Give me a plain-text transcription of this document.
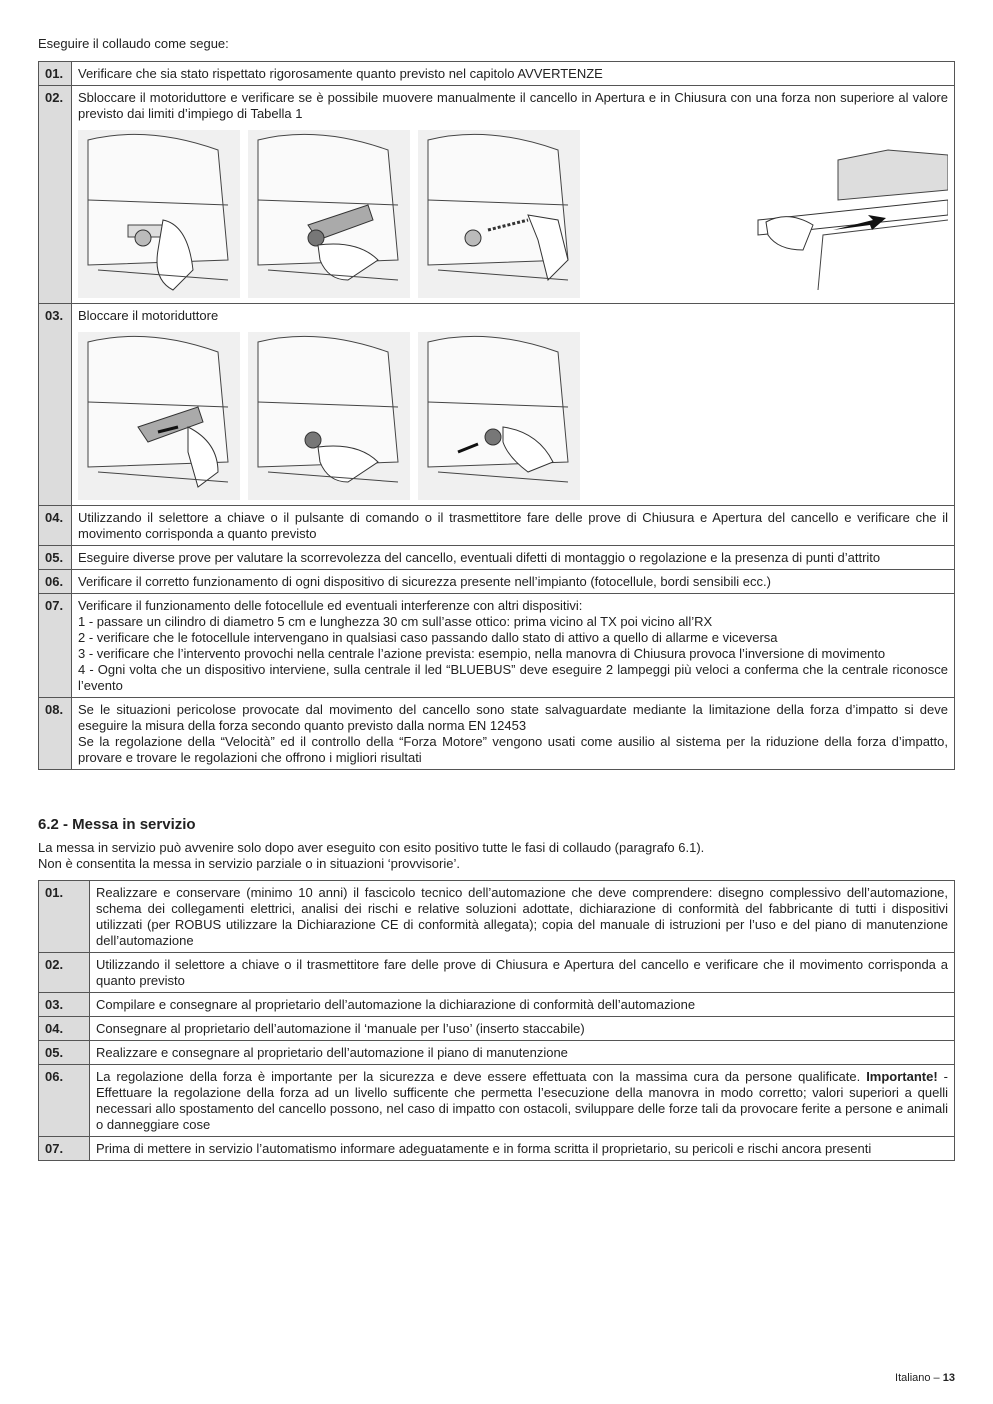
Eseguire il collaudo come segue:
01.	Verificare che sia stato rispettato rigorosamente quanto previsto nel capitolo AVVERTENZE
02.	Sbloccare il motoriduttore e verificare se è possibile muovere manualmente il cancello in Apertura e in Chiusura con una forza non superiore al valore previsto dai limiti d’impiego di Tabella 1

03.	Bloccare il motoriduttore

04.	Utilizzando il selettore a chiave o il pulsante di comando o il trasmettitore fare delle prove di Chiusura e Apertura del cancello e verificare che il movimento corrisponda a quanto previsto
05.	Eseguire diverse prove per valutare la scorrevolezza del cancello, eventuali difetti di montaggio o regolazione e la presenza di punti d’attrito
06.	Verificare il corretto funzionamento di ogni dispositivo di sicurezza presente nell’impianto (fotocellule, bordi sensibili ecc.)
07.	Verificare il funzionamento delle fotocellule ed eventuali interferenze con altri dispositivi:
1 - passare un cilindro di diametro 5 cm e lunghezza 30 cm sull’asse ottico: prima vicino al TX poi vicino all’RX
2 - verificare che le fotocellule intervengano in qualsiasi caso passando dallo stato di attivo a quello di allarme e viceversa
3 - verificare che l’intervento provochi nella centrale l’azione prevista: esempio, nella manovra di Chiusura provoca l’inversione di movimento
4 - Ogni volta che un dispositivo interviene, sulla centrale il led “BLUEBUS” deve eseguire 2 lampeggi più veloci a conferma che la centrale riconosce l’evento

08.	Se le situazioni pericolose provocate dal movimento del cancello sono state salvaguardate mediante la limitazione della forza d’impatto si deve eseguire la misura della forza secondo quanto previsto dalla norma EN 12453
Se la regolazione della “Velocità” ed il controllo della “Forza Motore” vengono usati come ausilio al sistema per la riduzione della forza d’impatto, provare e trovare le regolazioni che offrono i migliori risultati
6.2 - Messa in servizio
La messa in servizio può avvenire solo dopo aver eseguito con esito positivo tutte le fasi di collaudo (paragrafo 6.1).
Non è consentita la messa in servizio parziale o in situazioni ‘provvisorie’.
01.	Realizzare e conservare (minimo 10 anni) il fascicolo tecnico dell’automazione che deve comprendere: disegno complessivo dell’automazione, schema dei collegamenti elettrici, analisi dei rischi e relative soluzioni adottate, dichiarazione di conformità del fabbricante di tutti i dispositivi utilizzati (per ROBUS utilizzare la Dichiarazione CE di conformità allegata); copia del manuale di istruzioni per l’uso e del piano di manutenzione dell’automazione
02.	Utilizzando il selettore a chiave o il trasmettitore fare delle prove di Chiusura e Apertura del cancello e verificare che il movimento corrisponda a quanto previsto
03.	Compilare e consegnare al proprietario dell’automazione la dichiarazione di conformità dell’automazione
04.	Consegnare al proprietario dell’automazione il ‘manuale per l’uso’ (inserto staccabile)
05.	Realizzare e consegnare al proprietario dell’automazione il piano di manutenzione
06.	La regolazione della forza è importante per la sicurezza e deve essere effettuata con la massima cura da persone qualificate. Importante! - Effettuare la regolazione della forza ad un livello sufficente che permetta l’esecuzione della manovra in modo corretto; valori superiori a quelli necessari allo spostamento del cancello possono, nel caso di impatto con ostacoli, sviluppare delle forze tali da provocare ferite a persone e animali o danneggiare cose
07.	Prima di mettere in servizio l’automatismo informare adeguatamente e in forma scritta il proprietario, su pericoli e rischi ancora presenti
Italiano – 13
